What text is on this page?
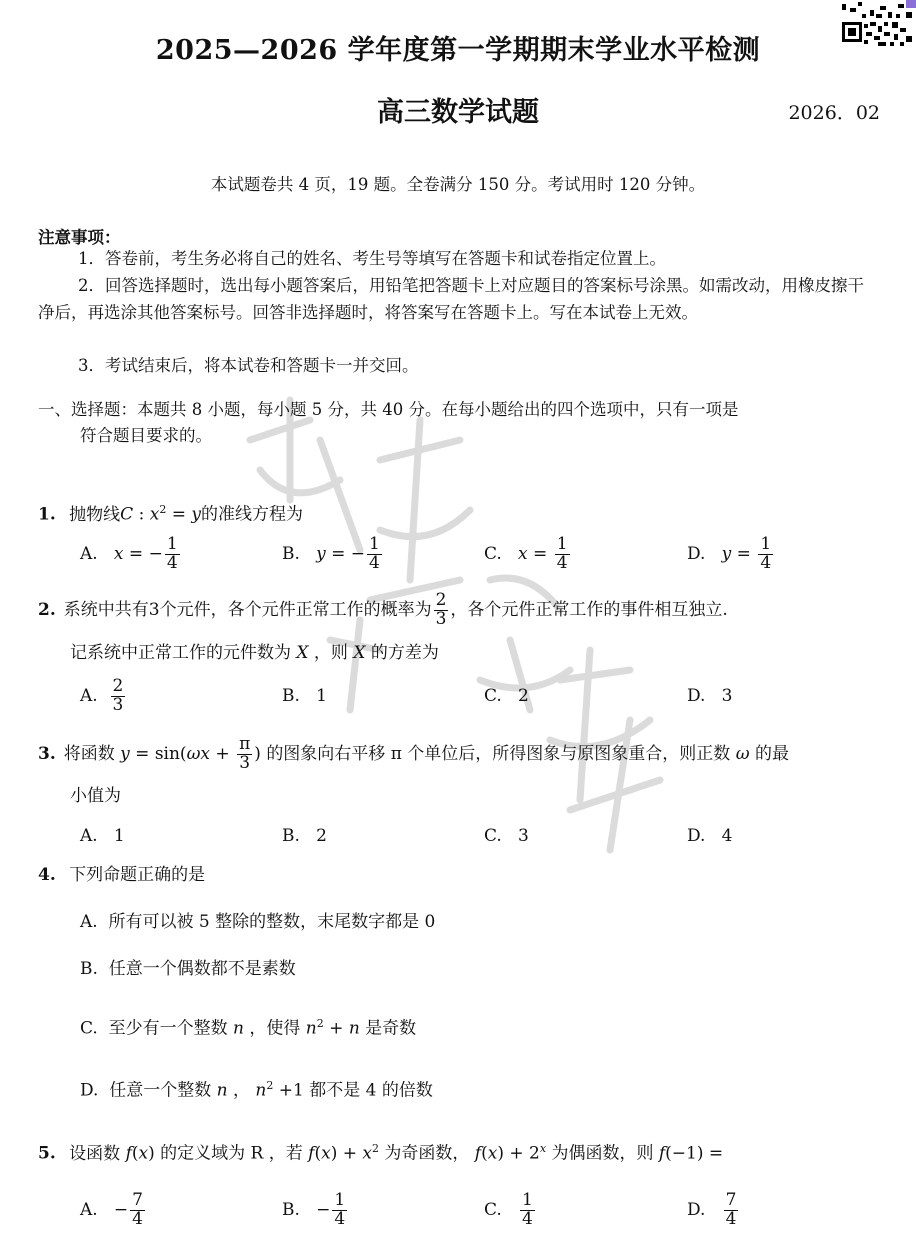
2025—2026 学年度第一学期期末学业水平检测
高三数学试题	2026．02
本试题卷共 4 页，19 题。全卷满分 150 分。考试用时 120 分钟。
注意事项：
1．答卷前，考生务必将自己的姓名、考生号等填写在答题卡和试卷指定位置上。
2．回答选择题时，选出每小题答案后，用铅笔把答题卡上对应题目的答案标号涂黑。如需改动，用橡皮擦干净后，再选涂其他答案标号。回答非选择题时，将答案写在答题卡上。写在本试卷上无效。
3．考试结束后，将本试卷和答题卡一并交回。
一、选择题：本题共 8 小题，每小题 5 分，共 40 分。在每小题给出的四个选项中，只有一项是
符合题目要求的。
1. 抛物线C : $x^2 = y$的准线方程为
A.
x = − $\frac{1}{4}$	B.
y = − $\frac{1}{4}$	C.
$x = \frac{1}{4}$	D.
$y = \frac{1}{4}$
2. 系统中共有 3 个元件，各个元件正常工作的概率为 $\frac{2}{3}$ ，各个元件正常工作的事件相互独立.
记系统中正常工作的元件数为 X ，则 X 的方差为
A.
$\frac{2}{3}$	B.
1	C.
2	D.
3
3. 将函数
y = sin( $\omega x + \frac{\pi}{3}$ ) 的图象向右平移 π 个单位后，所得图象与原图象重合，则正数
ω
的最
小值为
A.
1	B.
2	C.
3	D.
4
4. 下列命题正确的是
A. 所有可以被 5 整除的整数，末尾数字都是 0
B. 任意一个偶数都不是素数
C. 至少有一个整数 n ，使得 $n^2 + n$ 是奇数
D. 任意一个整数 n ， $n^2 +1$ 都不是 4 的倍数
5. 设函数 f(x) 的定义域为 R ，若 $f(x) + x^2$ 为奇函数， $f(x) + 2^x$ 为偶函数，则 f(−1) =
A.
− $\frac{7}{4}$	B.
− $\frac{1}{4}$	C.
$\frac{1}{4}$	D.
$\frac{7}{4}$
